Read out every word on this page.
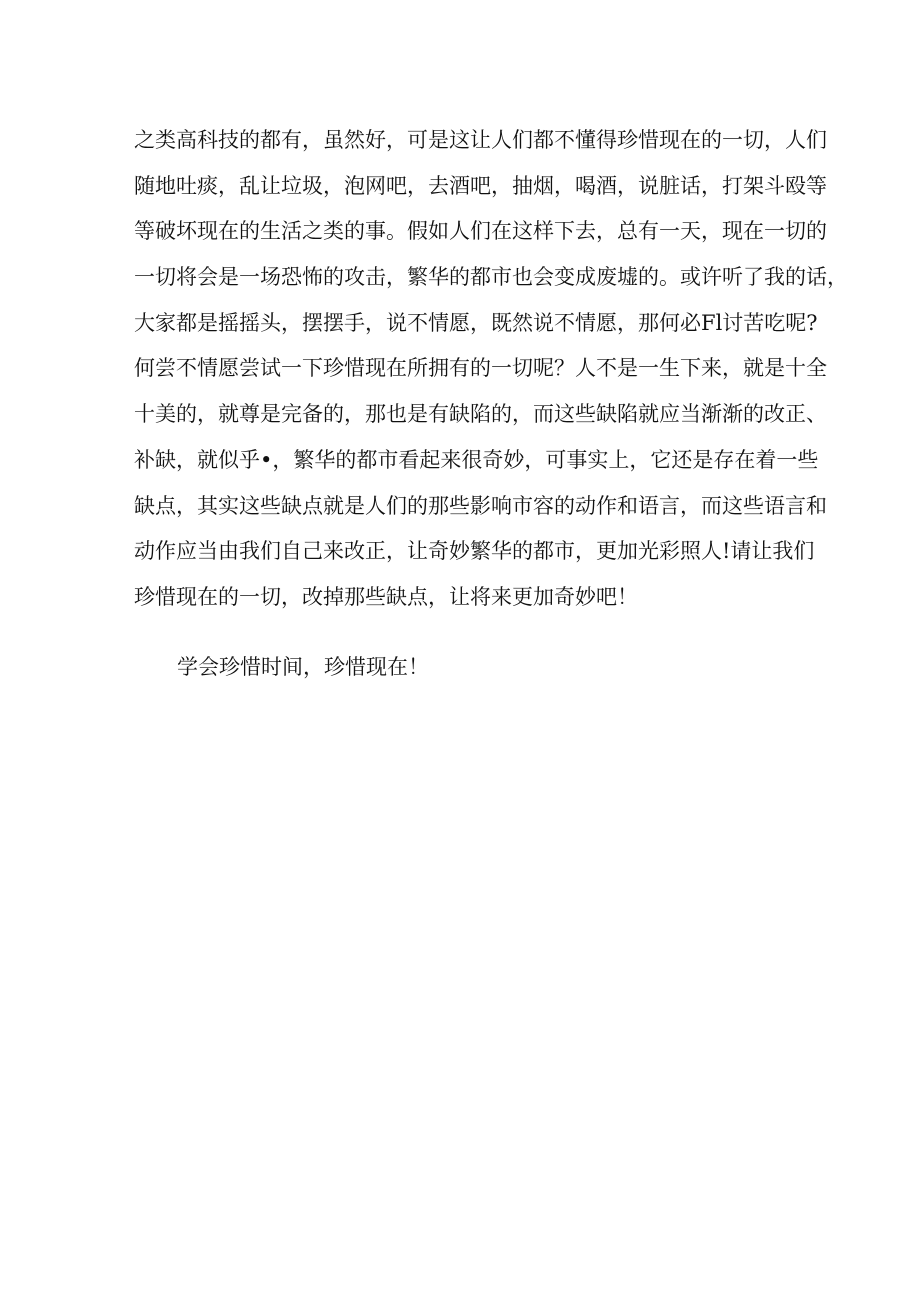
之类高科技的都有，虽然好，可是这让人们都不懂得珍惜现在的一切，人们
随地吐痰，乱让垃圾，泡网吧，去酒吧，抽烟，喝酒，说脏话，打架斗殴等
等破坏现在的生活之类的事。假如人们在这样下去，总有一天，现在一切的
一切将会是一场恐怖的攻击，繁华的都市也会变成废墟的。或许听了我的话，
大家都是摇摇头，摆摆手，说不情愿，既然说不情愿，那何必Fl讨苦吃呢?
何尝不情愿尝试一下珍惜现在所拥有的一切呢？人不是一生下来，就是十全
十美的，就尊是完备的，那也是有缺陷的，而这些缺陷就应当渐渐的改正、
补缺，就似乎•，繁华的都市看起来很奇妙，可事实上，它还是存在着一些
缺点，其实这些缺点就是人们的那些影响市容的动作和语言，而这些语言和
动作应当由我们自己来改正，让奇妙繁华的都市，更加光彩照人!请让我们
珍惜现在的一切，改掉那些缺点，让将来更加奇妙吧！
学会珍惜时间，珍惜现在！
